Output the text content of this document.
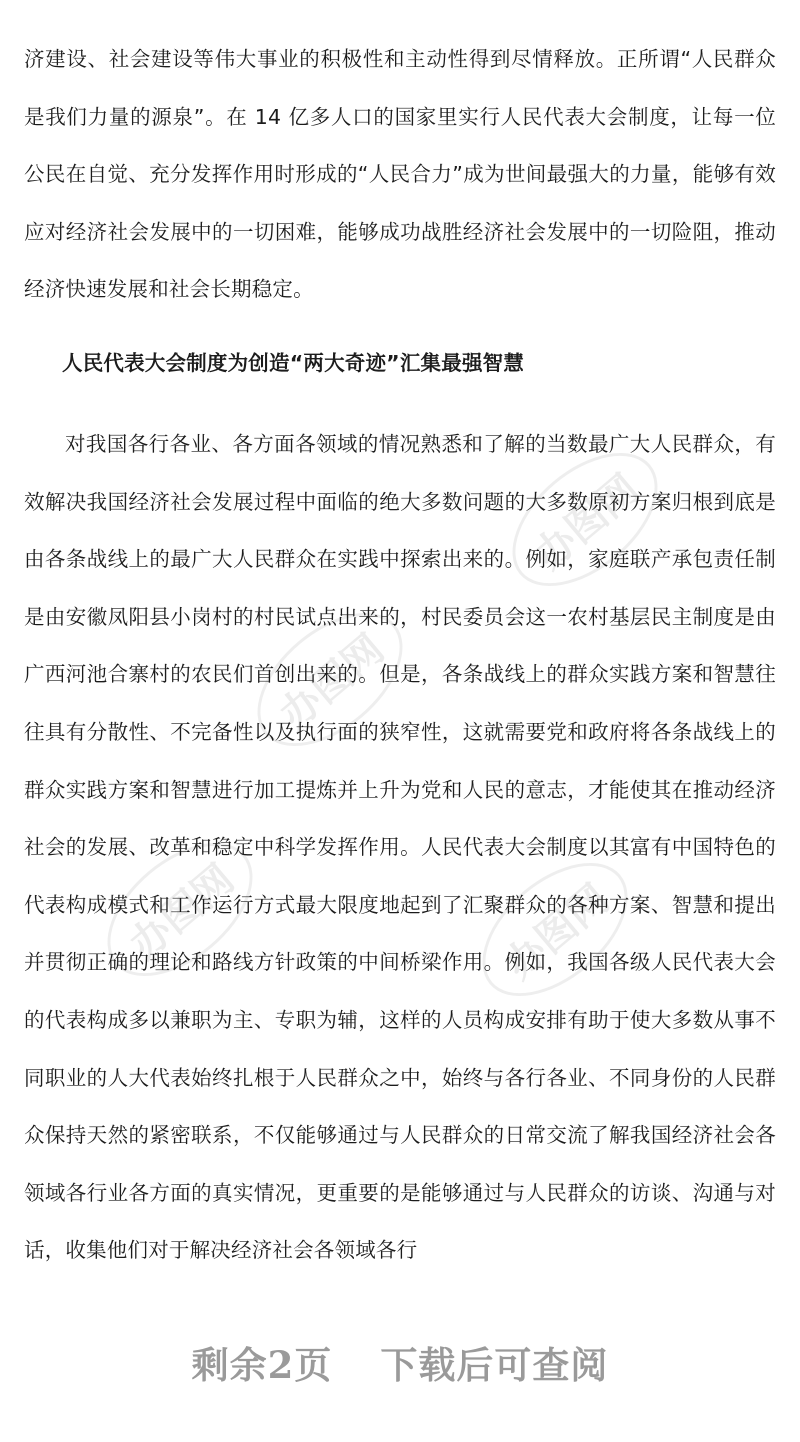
办图网
办图网
办图网	办图网

济建设、社会建设等伟大事业的积极性和主动性得到尽情释放。正所谓“人民群众是我们力量的源泉”。在 14 亿多人口的国家里实行人民代表大会制度，让每一位公民在自觉、充分发挥作用时形成的“人民合力”成为世间最强大的力量，能够有效应对经济社会发展中的一切困难，能够成功战胜经济社会发展中的一切险阻，推动经济快速发展和社会长期稳定。

人民代表大会制度为创造“两大奇迹”汇集最强智慧

对我国各行各业、各方面各领域的情况熟悉和了解的当数最广大人民群众，有效解决我国经济社会发展过程中面临的绝大多数问题的大多数原初方案归根到底是由各条战线上的最广大人民群众在实践中探索出来的。例如，家庭联产承包责任制是由安徽凤阳县小岗村的村民试点出来的，村民委员会这一农村基层民主制度是由广西河池合寨村的农民们首创出来的。但是，各条战线上的群众实践方案和智慧往往具有分散性、不完备性以及执行面的狭窄性，这就需要党和政府将各条战线上的群众实践方案和智慧进行加工提炼并上升为党和人民的意志，才能使其在推动经济社会的发展、改革和稳定中科学发挥作用。人民代表大会制度以其富有中国特色的代表构成模式和工作运行方式最大限度地起到了汇聚群众的各种方案、智慧和提出并贯彻正确的理论和路线方针政策的中间桥梁作用。例如，我国各级人民代表大会的代表构成多以兼职为主、专职为辅，这样的人员构成安排有助于使大多数从事不同职业的人大代表始终扎根于人民群众之中，始终与各行各业、不同身份的人民群众保持天然的紧密联系，不仅能够通过与人民群众的日常交流了解我国经济社会各领域各行业各方面的真实情况，更重要的是能够通过与人民群众的访谈、沟通与对话，收集他们对于解决经济社会各领域各行

剩余2页 下载后可查阅
